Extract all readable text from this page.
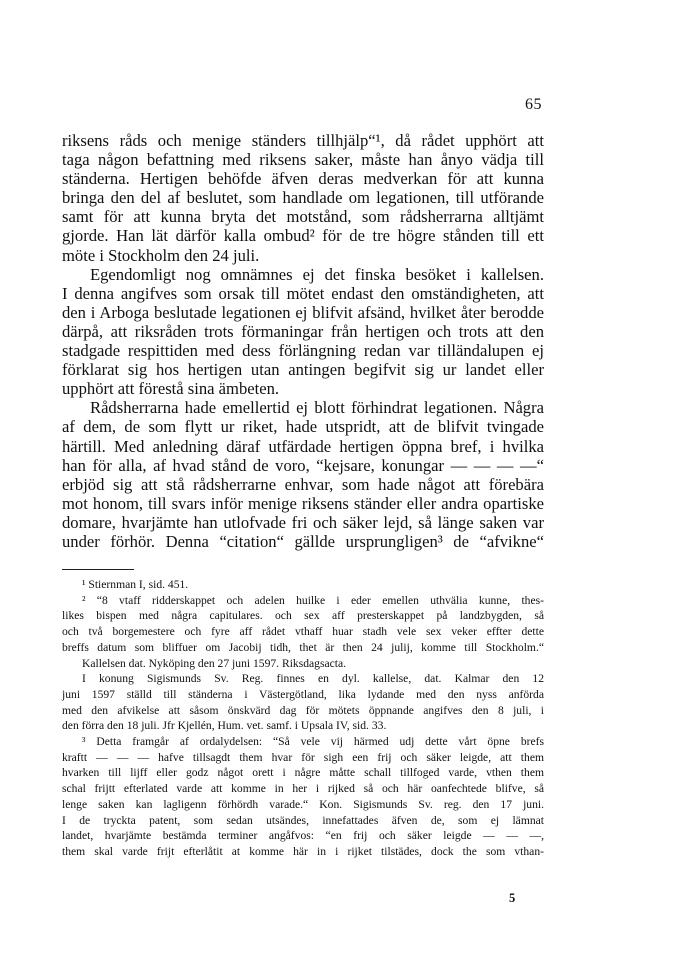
65
riksens råds och menige ständers tillhjälp“¹, då rådet upphört att
taga någon befattning med riksens saker, måste han ånyo vädja till
ständerna. Hertigen behöfde äfven deras medverkan för att kunna
bringa den del af beslutet, som handlade om legationen, till utförande
samt för att kunna bryta det motstånd, som rådsherrarna alltjämt
gjorde. Han lät därför kalla ombud² för de tre högre stånden till ett
möte i Stockholm den 24 juli.
Egendomligt nog omnämnes ej det finska besöket i kallelsen.
I denna angifves som orsak till mötet endast den omständigheten, att
den i Arboga beslutade legationen ej blifvit afsänd, hvilket åter berodde
därpå, att riksråden trots förmaningar från hertigen och trots att den
stadgade respittiden med dess förlängning redan var tilländalupen ej
förklarat sig hos hertigen utan antingen begifvit sig ur landet eller
upphört att förestå sina ämbeten.
Rådsherrarna hade emellertid ej blott förhindrat legationen. Några
af dem, de som flytt ur riket, hade utspridt, att de blifvit tvingade
härtill. Med anledning däraf utfärdade hertigen öppna bref, i hvilka
han för alla, af hvad stånd de voro, “kejsare, konungar — — — —“
erbjöd sig att stå rådsherrarne enhvar, som hade något att förebära
mot honom, till svars inför menige riksens ständer eller andra opartiske
domare, hvarjämte han utlofvade fri och säker lejd, så länge saken var
under förhör. Denna “citation“ gällde ursprungligen³ de “afvikne“
¹ Stiernman I, sid. 451.
² “8 vtaff ridderskappet och adelen huilke i eder emellen uthvälia kunne, thes-
likes bispen med några capitulares. och sex aff presterskappet på landzbygden, så
och två borgemestere och fyre aff rådet vthaff huar stadh vele sex veker effter dette
breffs datum som bliffuer om Jacobij tidh, thet är then 24 julij, komme till Stockholm.“
Kallelsen dat. Nyköping den 27 juni 1597. Riksdagsacta.
I konung Sigismunds Sv. Reg. finnes en dyl. kallelse, dat. Kalmar den 12
juni 1597 ställd till ständerna i Västergötland, lika lydande med den nyss anförda
med den afvikelse att såsom önskvärd dag för mötets öppnande angifves den 8 juli, i
den förra den 18 juli. Jfr Kjellén, Hum. vet. samf. i Upsala IV, sid. 33.
³ Detta framgår af ordalydelsen: “Så vele vij härmed udj dette vårt öpne brefs
kraftt — — — hafve tillsagdt them hvar för sigh een frij och säker leigde, att them
hvarken till lijff eller godz något orett i någre måtte schall tillfoged varde, vthen them
schal frijtt efterlated varde att komme in her i rijked så och här oanfechtede blifve, så
lenge saken kan lagligenn förhördh varade.“ Kon. Sigismunds Sv. reg. den 17 juni.
I de tryckta patent, som sedan utsändes, innefattades äfven de, som ej lämnat
landet, hvarjämte bestämda terminer angåfvos: “en frij och säker leigde — — —,
them skal varde frijt efterlåtit at komme här in i rijket tilstädes, dock the som vthan-
5
